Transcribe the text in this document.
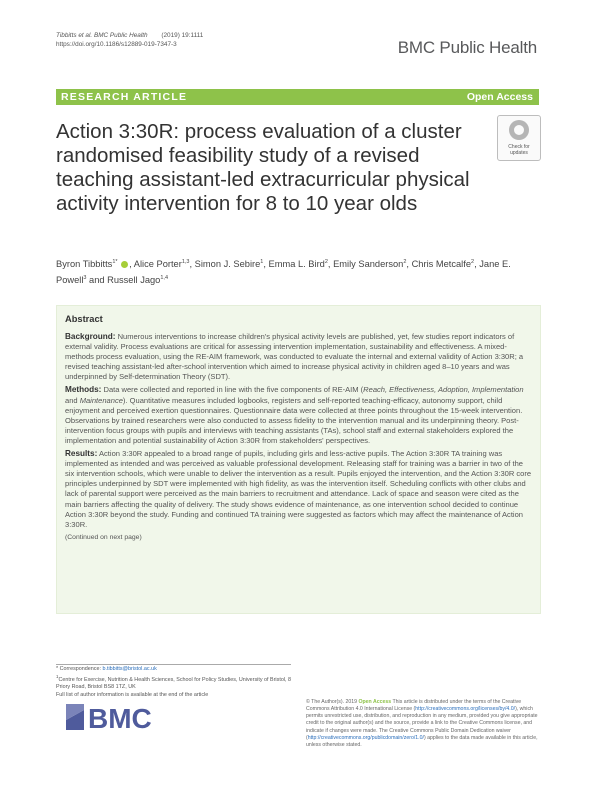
Tibbitts et al. BMC Public Health (2019) 19:1111
https://doi.org/10.1186/s12889-019-7347-3	BMC Public Health
RESEARCH ARTICLE	Open Access
Action 3:30R: process evaluation of a cluster randomised feasibility study of a revised teaching assistant-led extracurricular physical activity intervention for 8 to 10 year olds
Check for
updates
Byron Tibbitts$^{1*}$ , Alice Porter$^{1,3}$, Simon J. Sebire$^1$, Emma L. Bird$^2$, Emily Sanderson$^2$, Chris Metcalfe$^2$, Jane E. Powell$^3$ and Russell Jago$^{1,4}$
Abstract

Background: Numerous interventions to increase children's physical activity levels are published, yet, few studies report indicators of external validity. Process evaluations are critical for assessing intervention implementation, sustainability and effectiveness. A mixed-methods process evaluation, using the RE-AIM framework, was conducted to evaluate the internal and external validity of Action 3:30R; a revised teaching assistant-led after-school intervention which aimed to increase physical activity in children aged 8–10 years and was underpinned by Self-determination Theory (SDT).

Methods: Data were collected and reported in line with the five components of RE-AIM (Reach, Effectiveness, Adoption, Implementation and Maintenance). Quantitative measures included logbooks, registers and self-reported teaching-efficacy, autonomy support, child enjoyment and perceived exertion questionnaires. Questionnaire data were collected at three points throughout the 15-week intervention. Observations by trained researchers were also conducted to assess fidelity to the intervention manual and its underpinning theory. Post-intervention focus groups with pupils and interviews with teaching assistants (TAs), school staff and external stakeholders explored the implementation and potential sustainability of Action 3:30R from stakeholders' perspectives.

Results: Action 3:30R appealed to a broad range of pupils, including girls and less-active pupils. The Action 3:30R TA training was implemented as intended and was perceived as valuable professional development. Releasing staff for training was a barrier in two of the six intervention schools, which were unable to deliver the intervention as a result. Pupils enjoyed the intervention, and the Action 3:30R core principles underpinned by SDT were implemented with high fidelity, as was the intervention itself. Scheduling conflicts with other clubs and lack of parental support were perceived as the main barriers to recruitment and attendance. Lack of space and season were cited as the main barriers affecting the quality of delivery. The study shows evidence of maintenance, as one intervention school decided to continue Action 3:30R beyond the study. Funding and continued TA training were suggested as factors which may affect the maintenance of Action 3:30R.

(Continued on next page)
* Correspondence: b.tibbitts@bristol.ac.uk
$^1$Centre for Exercise, Nutrition & Health Sciences, School for Policy Studies, University of Bristol, 8 Priory Road, Bristol BS8 1TZ, UK
Full list of author information is available at the end of the article
BMC
© The Author(s). 2019 Open Access This article is distributed under the terms of the Creative Commons Attribution 4.0 International License (http://creativecommons.org/licenses/by/4.0/), which permits unrestricted use, distribution, and reproduction in any medium, provided you give appropriate credit to the original author(s) and the source, provide a link to the Creative Commons license, and indicate if changes were made. The Creative Commons Public Domain Dedication waiver (http://creativecommons.org/publicdomain/zero/1.0/) applies to the data made available in this article, unless otherwise stated.
